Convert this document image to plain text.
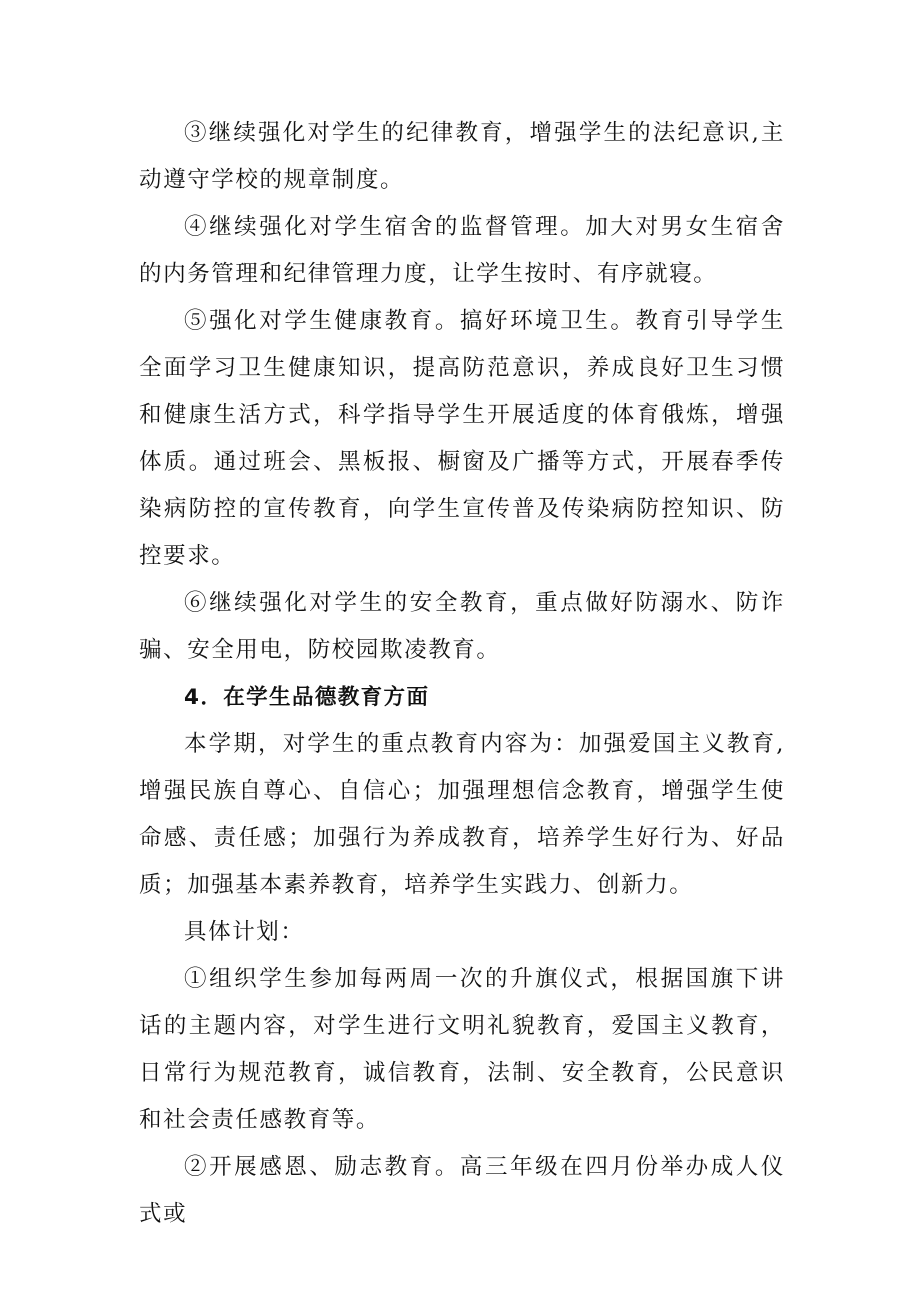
③继续强化对学生的纪律教育，增强学生的法纪意识,主动遵守学校的规章制度。

④继续强化对学生宿舍的监督管理。加大对男女生宿舍的内务管理和纪律管理力度，让学生按时、有序就寝。

⑤强化对学生健康教育。搞好环境卫生。教育引导学生全面学习卫生健康知识，提高防范意识，养成良好卫生习惯和健康生活方式，科学指导学生开展适度的体育俄炼，增强体质。通过班会、黑板报、橱窗及广播等方式，开展春季传染病防控的宣传教育，向学生宣传普及传染病防控知识、防控要求。

⑥继续强化对学生的安全教育，重点做好防溺水、防诈骗、安全用电，防校园欺凌教育。

4．在学生品德教育方面

本学期，对学生的重点教育内容为：加强爱国主义教育,增强民族自尊心、自信心；加强理想信念教育，增强学生使命感、责任感；加强行为养成教育，培养学生好行为、好品质；加强基本素养教育，培养学生实践力、创新力。

具体计划：

①组织学生参加每两周一次的升旗仪式，根据国旗下讲话的主题内容，对学生进行文明礼貌教育，爱国主义教育，日常行为规范教育，诚信教育，法制、安全教育，公民意识和社会责任感教育等。

②开展感恩、励志教育。高三年级在四月份举办成人仪式或
